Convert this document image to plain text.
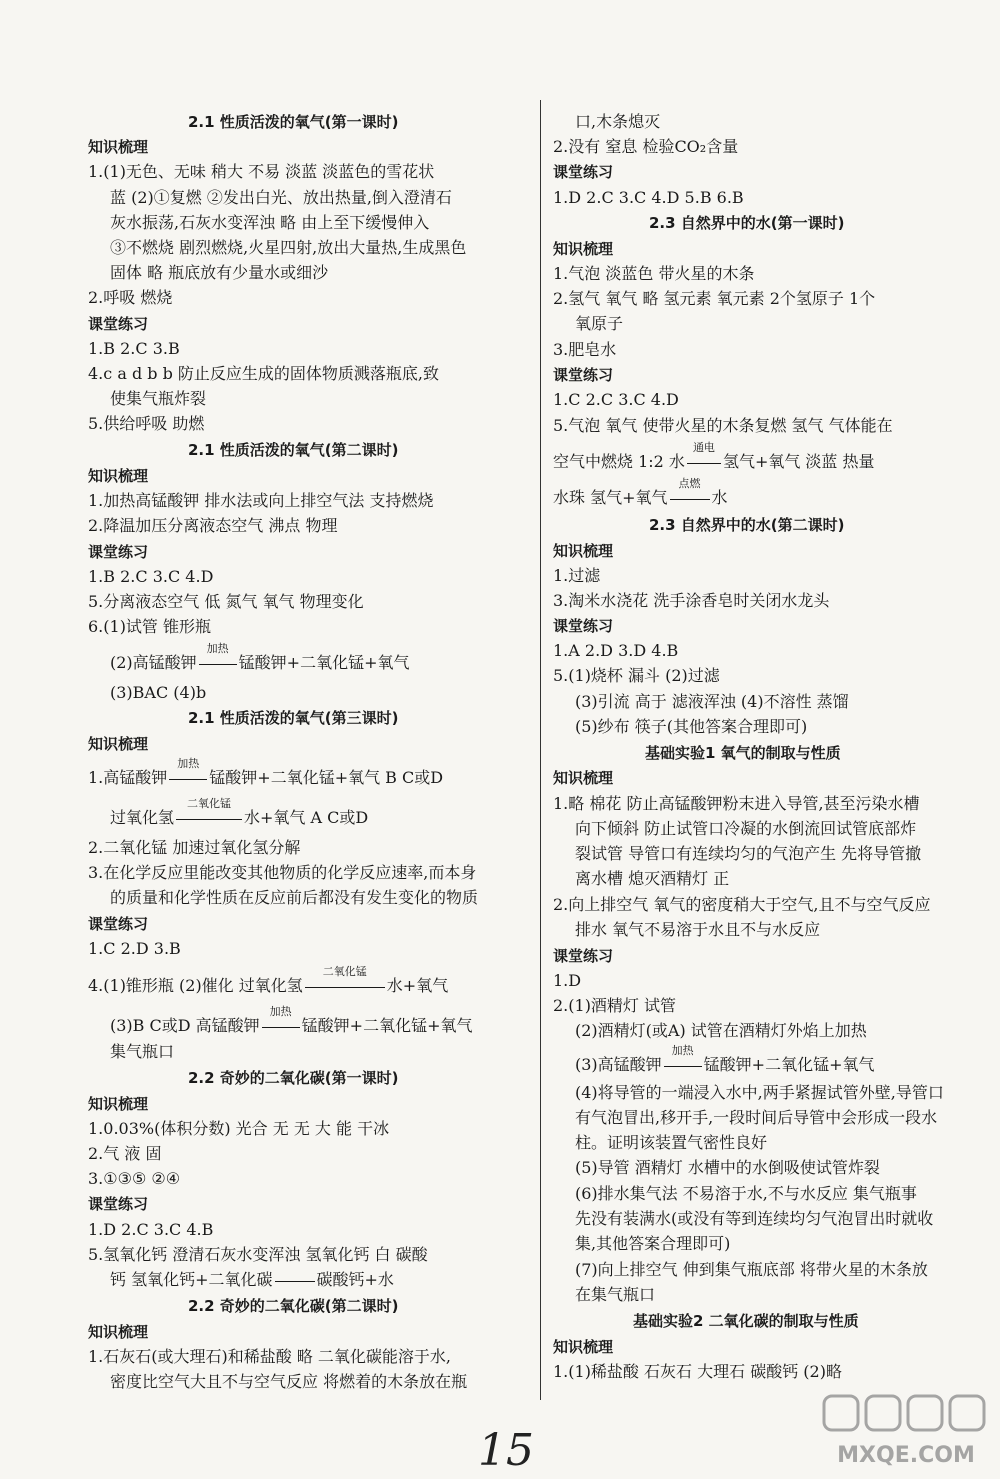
2.1 性质活泼的氧气(第一课时)
知识梳理
1.(1)无色、无味 稍大 不易 淡蓝 淡蓝色的雪花状
蓝 (2)①复燃 ②发出白光、放出热量,倒入澄清石
灰水振荡,石灰水变浑浊 略 由上至下缓慢伸入
③不燃烧 剧烈燃烧,火星四射,放出大量热,生成黑色
固体 略 瓶底放有少量水或细沙
2.呼吸 燃烧
课堂练习
1.B 2.C 3.B
4.c a d b b 防止反应生成的固体物质溅落瓶底,致
使集气瓶炸裂
5.供给呼吸 助燃
2.1 性质活泼的氧气(第二课时)
知识梳理
1.加热高锰酸钾 排水法或向上排空气法 支持燃烧
2.降温加压分离液态空气 沸点 物理
课堂练习
1.B 2.C 3.C 4.D
5.分离液态空气 低 氮气 氧气 物理变化
6.(1)试管 锥形瓶
(2)高锰酸钾
加热
锰酸钾+二氧化锰+氧气
(3)BAC (4)b
2.1 性质活泼的氧气(第三课时)
知识梳理
1.高锰酸钾
加热
锰酸钾+二氧化锰+氧气 B C或D
过氧化氢
二氧化锰
水+氧气 A C或D
2.二氧化锰 加速过氧化氢分解
3.在化学反应里能改变其他物质的化学反应速率,而本身
的质量和化学性质在反应前后都没有发生变化的物质
课堂练习
1.C 2.D 3.B
4.(1)锥形瓶 (2)催化 过氧化氢
二氧化锰
水+氧气
(3)B C或D 高锰酸钾
加热
锰酸钾+二氧化锰+氧气
集气瓶口
2.2 奇妙的二氧化碳(第一课时)
知识梳理
1.0.03%(体积分数) 光合 无 无 大 能 干冰
2.气 液 固
3.①③⑤ ②④
课堂练习
1.D 2.C 3.C 4.B
5.氢氧化钙 澄清石灰水变浑浊 氢氧化钙 白 碳酸
钙 氢氧化钙+二氧化碳	碳酸钙+水
2.2 奇妙的二氧化碳(第二课时)
知识梳理
1.石灰石(或大理石)和稀盐酸 略 二氧化碳能溶于水,
密度比空气大且不与空气反应 将燃着的木条放在瓶
口,木条熄灭
2.没有 窒息 检验CO₂含量
课堂练习
1.D 2.C 3.C 4.D 5.B 6.B
2.3 自然界中的水(第一课时)
知识梳理
1.气泡 淡蓝色 带火星的木条
2.氢气 氧气 略 氢元素 氧元素 2个氢原子 1个
氧原子
3.肥皂水
课堂练习
1.C 2.C 3.C 4.D
5.气泡 氧气 使带火星的木条复燃 氢气 气体能在
空气中燃烧 1:2 水
通电
氢气+氧气 淡蓝 热量
水珠 氢气+氧气
点燃
水
2.3 自然界中的水(第二课时)
知识梳理
1.过滤
3.淘米水浇花 洗手涂香皂时关闭水龙头
课堂练习
1.A 2.D 3.D 4.B
5.(1)烧杯 漏斗 (2)过滤
(3)引流 高于 滤液浑浊 (4)不溶性 蒸馏
(5)纱布 筷子(其他答案合理即可)
基础实验1 氧气的制取与性质
知识梳理
1.略 棉花 防止高锰酸钾粉末进入导管,甚至污染水槽
向下倾斜 防止试管口冷凝的水倒流回试管底部炸
裂试管 导管口有连续均匀的气泡产生 先将导管撤
离水槽 熄灭酒精灯 正
2.向上排空气 氧气的密度稍大于空气,且不与空气反应
排水 氧气不易溶于水且不与水反应
课堂练习
1.D
2.(1)酒精灯 试管
(2)酒精灯(或A) 试管在酒精灯外焰上加热
(3)高锰酸钾
加热
锰酸钾+二氧化锰+氧气
(4)将导管的一端浸入水中,两手紧握试管外壁,导管口
有气泡冒出,移开手,一段时间后导管中会形成一段水
柱。证明该装置气密性良好
(5)导管 酒精灯 水槽中的水倒吸使试管炸裂
(6)排水集气法 不易溶于水,不与水反应 集气瓶事
先没有装满水(或没有等到连续均匀气泡冒出时就收
集,其他答案合理即可)
(7)向上排空气 伸到集气瓶底部 将带火星的木条放
在集气瓶口
基础实验2 二氧化碳的制取与性质
知识梳理
1.(1)稀盐酸 石灰石 大理石 碳酸钙 (2)略
15	MXQE.COM
